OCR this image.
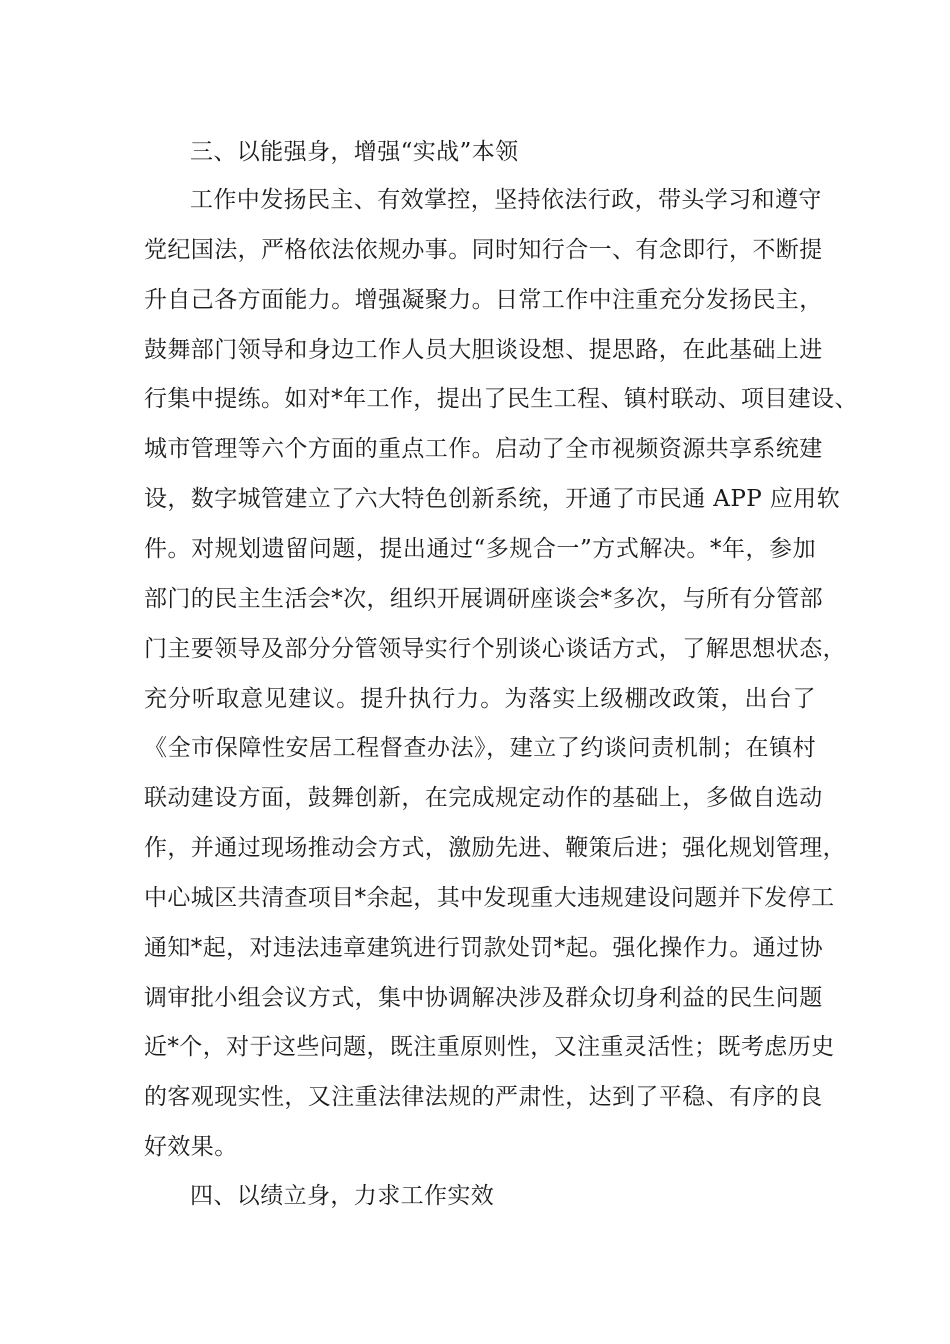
三、以能强身，增强“实战”本领
工作中发扬民主、有效掌控，坚持依法行政，带头学习和遵守
党纪国法，严格依法依规办事。同时知行合一、有念即行，不断提
升自己各方面能力。增强凝聚力。日常工作中注重充分发扬民主，
鼓舞部门领导和身边工作人员大胆谈设想、提思路，在此基础上进
行集中提练。如对*年工作，提出了民生工程、镇村联动、项目建设、
城市管理等六个方面的重点工作。启动了全市视频资源共享系统建
设，数字城管建立了六大特色创新系统，开通了市民通 APP 应用软
件。对规划遗留问题，提出通过“多规合一”方式解决。*年，参加
部门的民主生活会*次，组织开展调研座谈会*多次，与所有分管部
门主要领导及部分分管领导实行个别谈心谈话方式，了解思想状态，
充分听取意见建议。提升执行力。为落实上级棚改政策，出台了
《全市保障性安居工程督查办法》，建立了约谈问责机制；在镇村
联动建设方面，鼓舞创新，在完成规定动作的基础上，多做自选动
作，并通过现场推动会方式，激励先进、鞭策后进；强化规划管理，
中心城区共清查项目*余起，其中发现重大违规建设问题并下发停工
通知*起，对违法违章建筑进行罚款处罚*起。强化操作力。通过协
调审批小组会议方式，集中协调解决涉及群众切身利益的民生问题
近*个，对于这些问题，既注重原则性，又注重灵活性；既考虑历史
的客观现实性，又注重法律法规的严肃性，达到了平稳、有序的良
好效果。
四、以绩立身，力求工作实效
